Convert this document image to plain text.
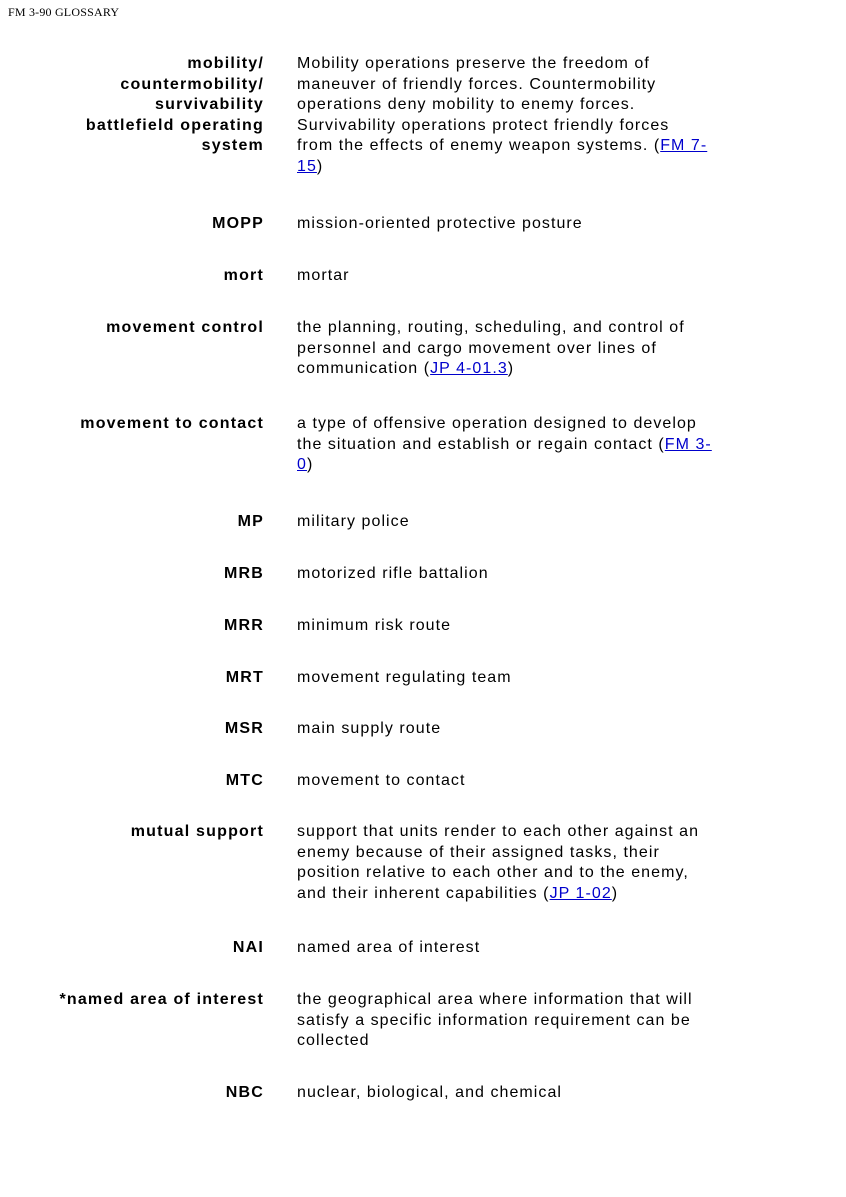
FM 3-90 GLOSSARY
mobility/
countermobility/
survivability
battlefield operating
system
Mobility operations preserve the freedom of
maneuver of friendly forces. Countermobility
operations deny mobility to enemy forces.
Survivability operations protect friendly forces
from the effects of enemy weapon systems. (FM 7-
15)
MOPP mission-oriented protective posture
mort mortar
movement control the planning, routing, scheduling, and control of
personnel and cargo movement over lines of
communication (JP 4-01.3)
movement to contact a type of offensive operation designed to develop
the situation and establish or regain contact (FM 3-
0)
MP military police
MRB motorized rifle battalion
MRR minimum risk route
MRT movement regulating team
MSR main supply route
MTC movement to contact
mutual support support that units render to each other against an
enemy because of their assigned tasks, their
position relative to each other and to the enemy,
and their inherent capabilities (JP 1-02)
NAI named area of interest
*named area of interest the geographical area where information that will
satisfy a specific information requirement can be
collected
NBC nuclear, biological, and chemical
